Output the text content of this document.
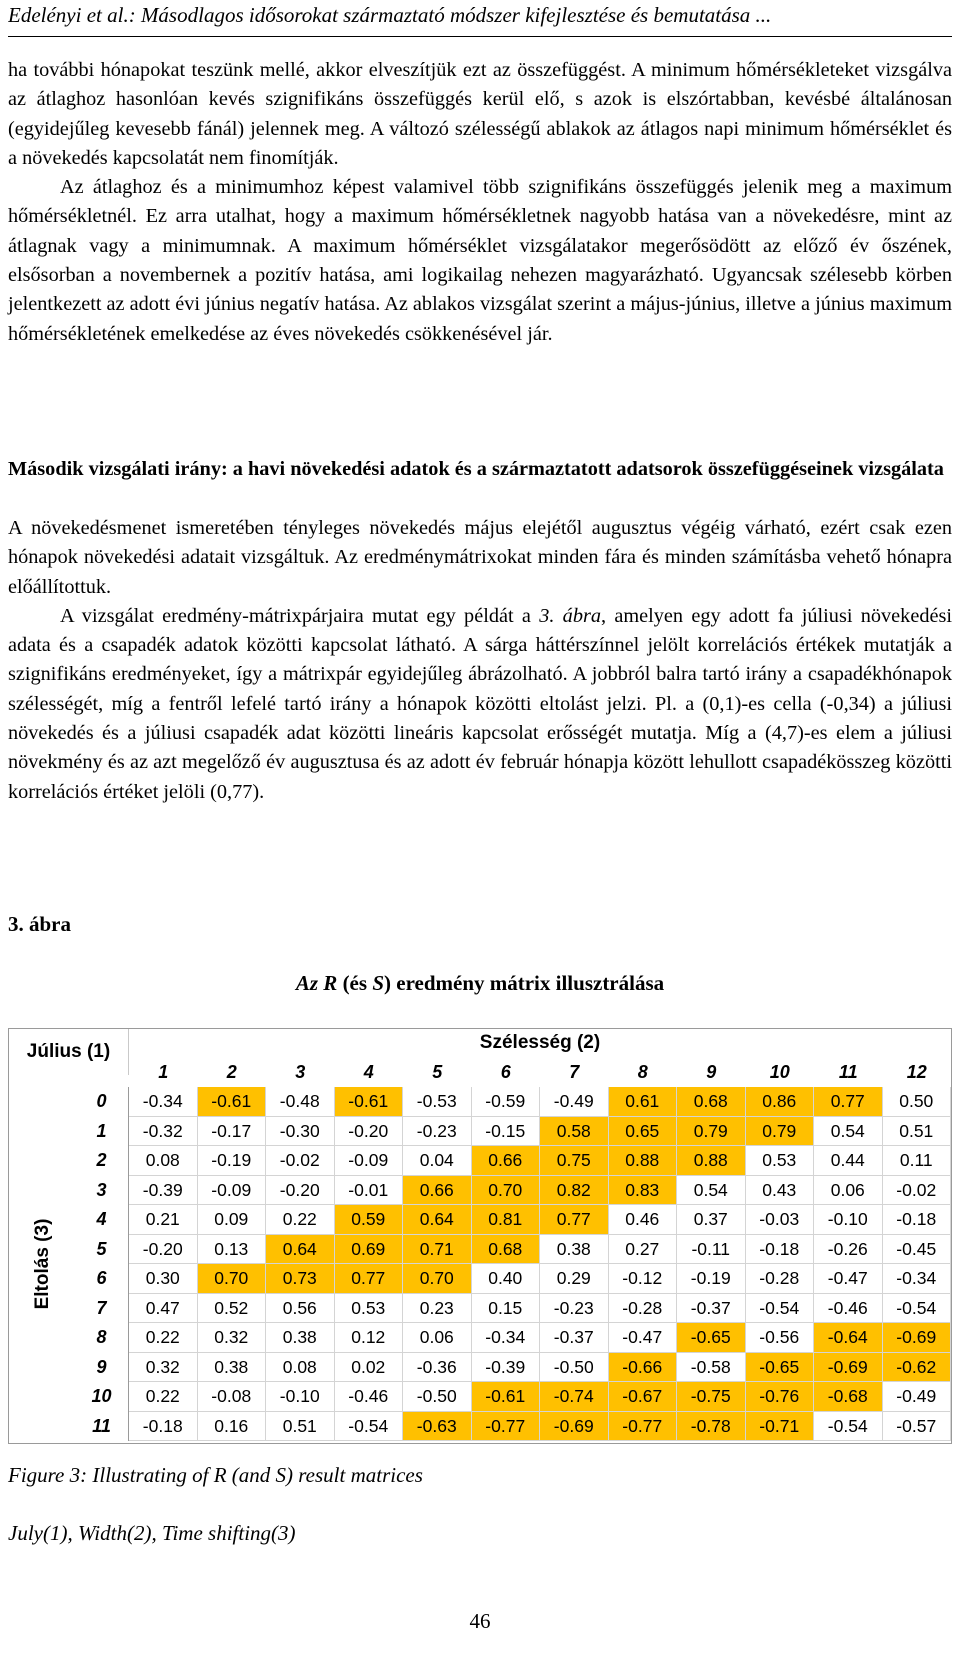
Edelényi et al.: Másodlagos idősorokat származtató módszer kifejlesztése és bemutatása ...

ha további hónapokat teszünk mellé, akkor elveszítjük ezt az összefüggést. A minimum hőmérsékleteket vizsgálva az átlaghoz hasonlóan kevés szignifikáns összefüggés kerül elő, s azok is elszórtabban, kevésbé általánosan (egyidejűleg kevesebb fánál) jelennek meg. A változó szélességű ablakok az átlagos napi minimum hőmérséklet és a növekedés kapcsolatát nem finomítják.

Az átlaghoz és a minimumhoz képest valamivel több szignifikáns összefüggés jelenik meg a maximum hőmérsékletnél. Ez arra utalhat, hogy a maximum hőmérsékletnek nagyobb hatása van a növekedésre, mint az átlagnak vagy a minimumnak. A maximum hőmérséklet vizsgálatakor megerősödött az előző év őszének, elsősorban a novembernek a pozitív hatása, ami logikailag nehezen magyarázható. Ugyancsak szélesebb körben jelentkezett az adott évi június negatív hatása. Az ablakos vizsgálat szerint a május-június, illetve a június maximum hőmérsékletének emelkedése az éves növekedés csökkenésével jár.

Második vizsgálati irány: a havi növekedési adatok és a származtatott adatsorok összefüggéseinek vizsgálata

A növekedésmenet ismeretében tényleges növekedés május elejétől augusztus végéig várható, ezért csak ezen hónapok növekedési adatait vizsgáltuk. Az eredménymátrixokat minden fára és minden számításba vehető hónapra előállítottuk.

A vizsgálat eredmény-mátrixpárjaira mutat egy példát a 3. ábra, amelyen egy adott fa júliusi növekedési adata és a csapadék adatok közötti kapcsolat látható. A sárga háttérszínnel jelölt korrelációs értékek mutatják a szignifikáns eredményeket, így a mátrixpár egyidejűleg ábrázolható. A jobbról balra tartó irány a csapadékhónapok szélességét, míg a fentről lefelé tartó irány a hónapok közötti eltolást jelzi. Pl. a (0,1)-es cella (-0,34) a júliusi növekedés és a júliusi csapadék adat közötti lineáris kapcsolat erősségét mutatja. Míg a (4,7)-es elem a júliusi növekmény és az azt megelőző év augusztusa és az adott év február hónapja között lehullott csapadékösszeg közötti korrelációs értéket jelöli (0,77).

3. ábra
Az R (és S) eredmény mátrix illusztrálása
Július (1)	Szélesség (2)
Eltolás (3)
1	2	3	4	5	6	7	8	9	10	11	12
0	-0.34	-0.61	-0.48	-0.61	-0.53	-0.59	-0.49	0.61	0.68	0.86	0.77	0.50
1	-0.32	-0.17	-0.30	-0.20	-0.23	-0.15	0.58	0.65	0.79	0.79	0.54	0.51
2	0.08	-0.19	-0.02	-0.09	0.04	0.66	0.75	0.88	0.88	0.53	0.44	0.11
3	-0.39	-0.09	-0.20	-0.01	0.66	0.70	0.82	0.83	0.54	0.43	0.06	-0.02
4	0.21	0.09	0.22	0.59	0.64	0.81	0.77	0.46	0.37	-0.03	-0.10	-0.18
5	-0.20	0.13	0.64	0.69	0.71	0.68	0.38	0.27	-0.11	-0.18	-0.26	-0.45
6	0.30	0.70	0.73	0.77	0.70	0.40	0.29	-0.12	-0.19	-0.28	-0.47	-0.34
7	0.47	0.52	0.56	0.53	0.23	0.15	-0.23	-0.28	-0.37	-0.54	-0.46	-0.54
8	0.22	0.32	0.38	0.12	0.06	-0.34	-0.37	-0.47	-0.65	-0.56	-0.64	-0.69
9	0.32	0.38	0.08	0.02	-0.36	-0.39	-0.50	-0.66	-0.58	-0.65	-0.69	-0.62
10	0.22	-0.08	-0.10	-0.46	-0.50	-0.61	-0.74	-0.67	-0.75	-0.76	-0.68	-0.49
11	-0.18	0.16	0.51	-0.54	-0.63	-0.77	-0.69	-0.77	-0.78	-0.71	-0.54	-0.57
Figure 3: Illustrating of R (and S) result matrices
July(1), Width(2), Time shifting(3)
46
